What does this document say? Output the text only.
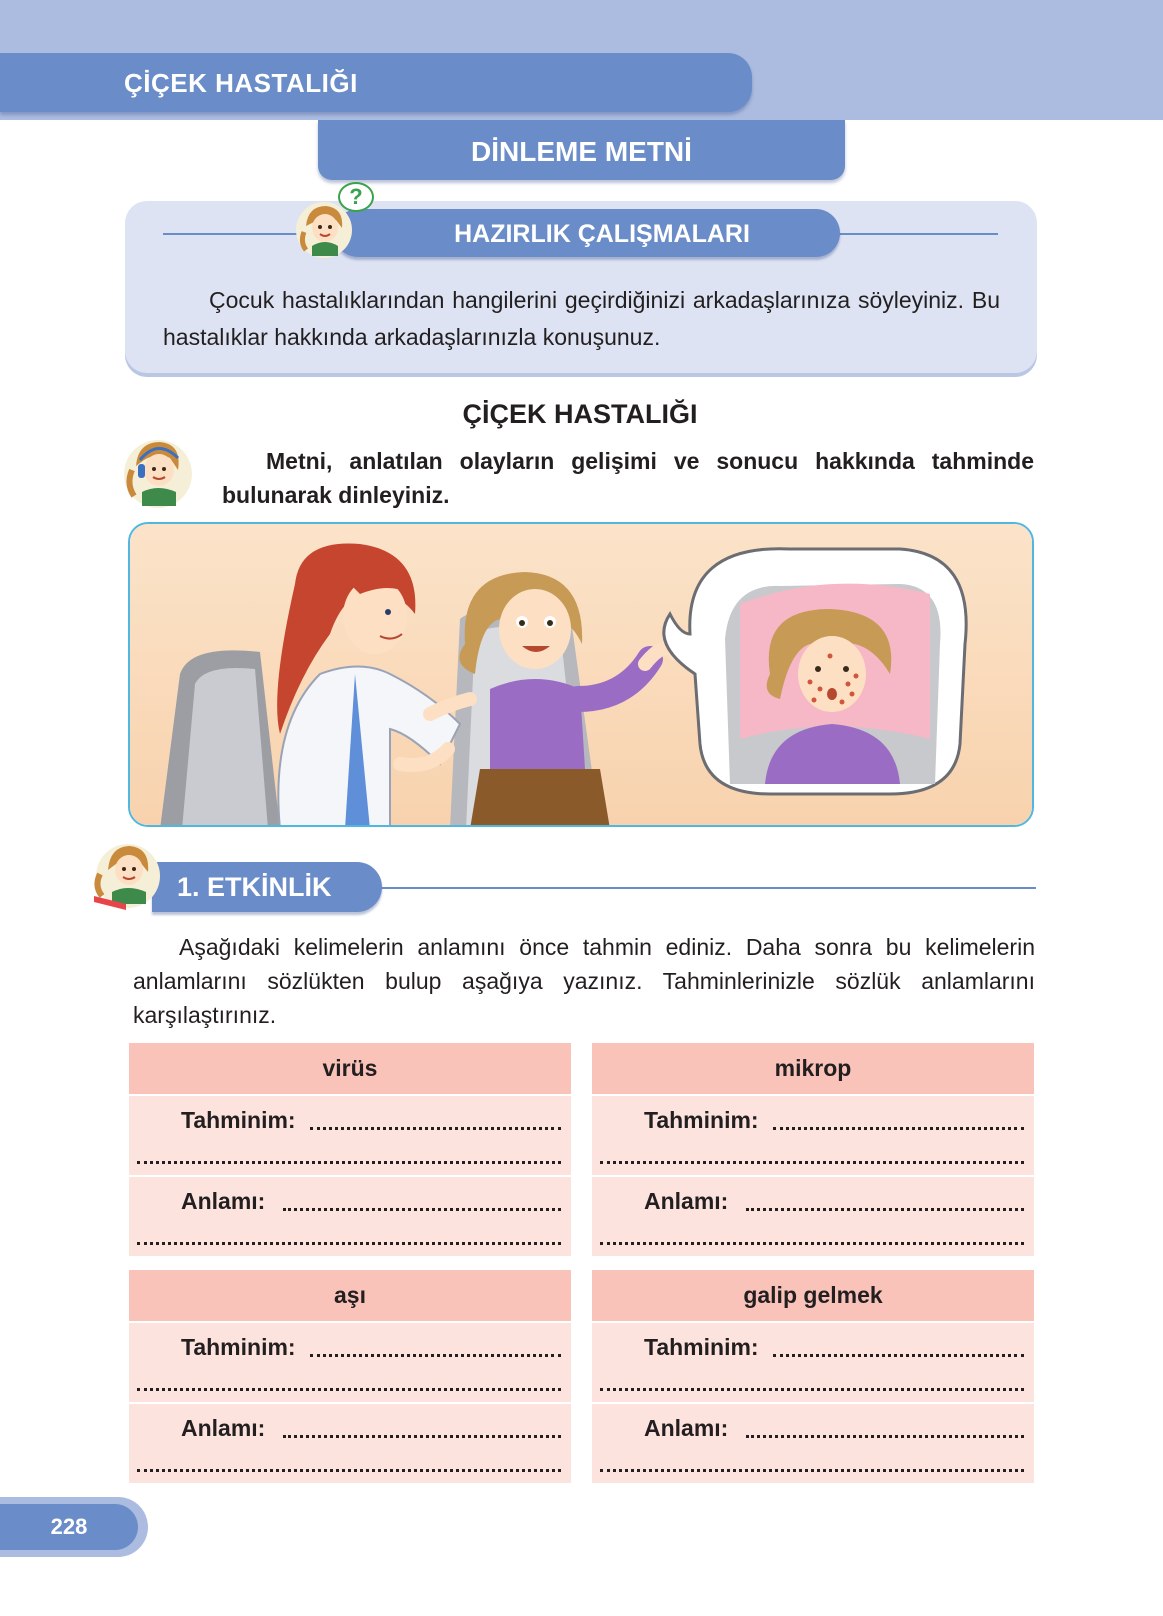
ÇİÇEK HASTALIĞI
DİNLEME METNİ
HAZIRLIK ÇALIŞMALARI
?
Çocuk hastalıklarından hangilerini geçirdiğinizi arkadaşlarınıza söyleyiniz. Bu hastalıklar hakkında arkadaşlarınızla konuşunuz.
ÇİÇEK HASTALIĞI
Metni, anlatılan olayların gelişimi ve sonucu hakkında tahminde bulunarak dinleyiniz.
1. ETKİNLİK
Aşağıdaki kelimelerin anlamını önce tahmin ediniz. Daha sonra bu kelimelerin anlamlarını sözlükten bulup aşağıya yazınız. Tahminlerinizle sözlük anlamlarını karşılaştırınız.
virüs
Tahminim:
Anlamı:
mikrop
Tahminim:
Anlamı:
aşı
Tahminim:
Anlamı:
galip gelmek
Tahminim:
Anlamı:
228
